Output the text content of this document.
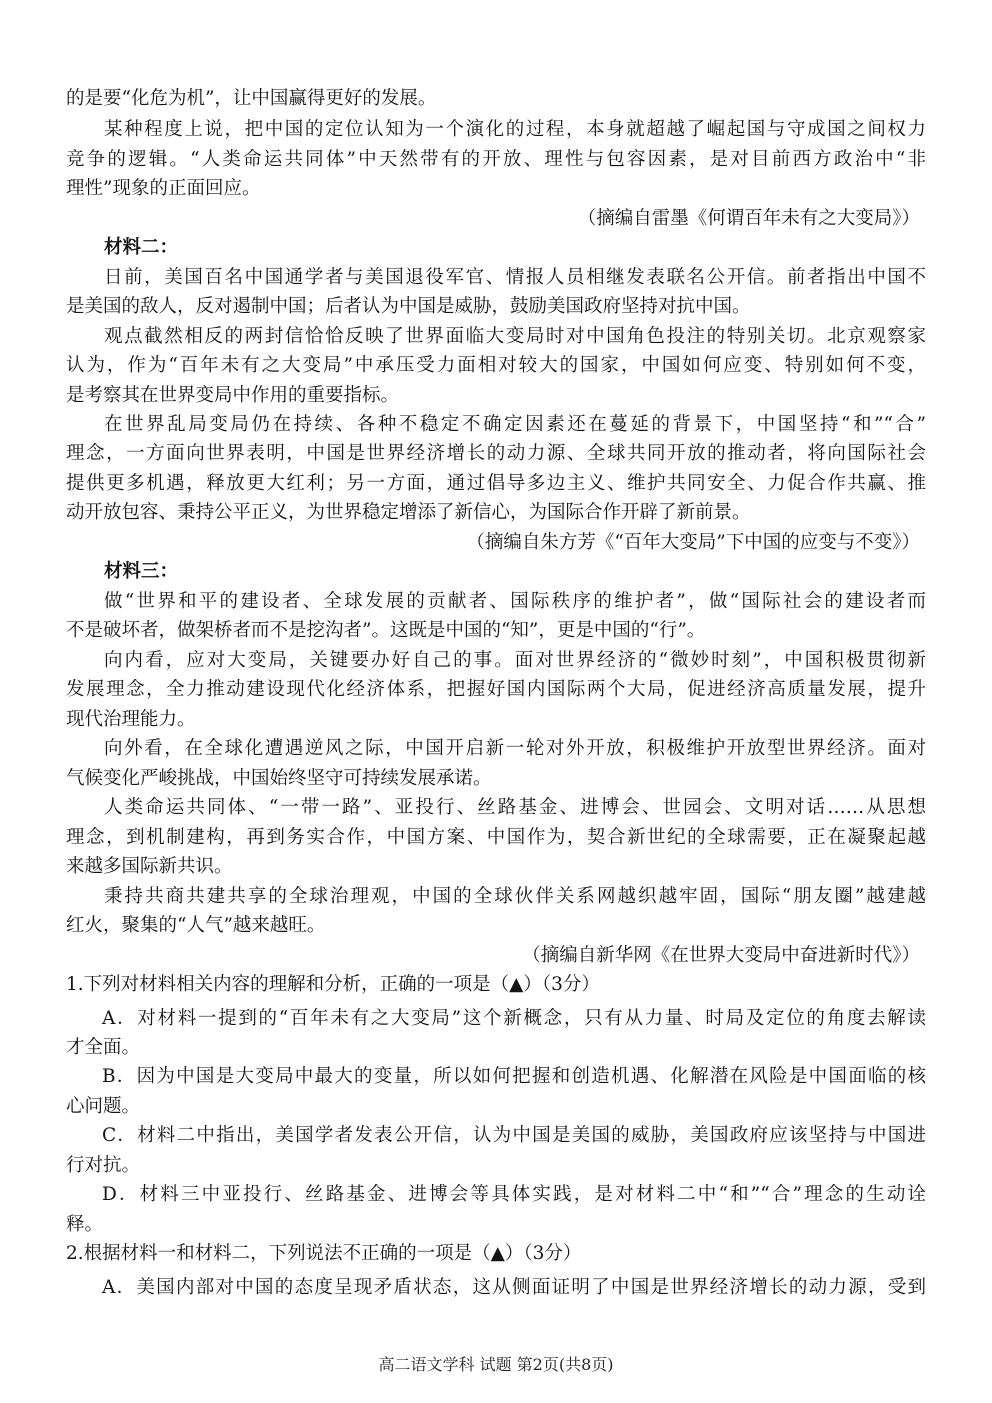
的是要“化危为机”，让中国赢得更好的发展。
某种程度上说，把中国的定位认知为一个演化的过程，本身就超越了崛起国与守成国之间权力
竞争的逻辑。“人类命运共同体”中天然带有的开放、理性与包容因素，是对目前西方政治中“非
理性”现象的正面回应。
（摘编自雷墨《何谓百年未有之大变局》）
材料二：
日前，美国百名中国通学者与美国退役军官、情报人员相继发表联名公开信。前者指出中国不
是美国的敌人，反对遏制中国；后者认为中国是威胁，鼓励美国政府坚持对抗中国。
观点截然相反的两封信恰恰反映了世界面临大变局时对中国角色投注的特别关切。北京观察家
认为，作为“百年未有之大变局”中承压受力面相对较大的国家，中国如何应变、特别如何不变，
是考察其在世界变局中作用的重要指标。
在世界乱局变局仍在持续、各种不稳定不确定因素还在蔓延的背景下，中国坚持“和”“合”
理念，一方面向世界表明，中国是世界经济增长的动力源、全球共同开放的推动者，将向国际社会
提供更多机遇，释放更大红利；另一方面，通过倡导多边主义、维护共同安全、力促合作共赢、推
动开放包容、秉持公平正义，为世界稳定增添了新信心，为国际合作开辟了新前景。
（摘编自朱方芳《“百年大变局”下中国的应变与不变》）
材料三：
做“世界和平的建设者、全球发展的贡献者、国际秩序的维护者”，做“国际社会的建设者而
不是破坏者，做架桥者而不是挖沟者”。这既是中国的“知”，更是中国的“行”。
向内看，应对大变局，关键要办好自己的事。面对世界经济的“微妙时刻”，中国积极贯彻新
发展理念，全力推动建设现代化经济体系，把握好国内国际两个大局，促进经济高质量发展，提升
现代治理能力。
向外看，在全球化遭遇逆风之际，中国开启新一轮对外开放，积极维护开放型世界经济。面对
气候变化严峻挑战，中国始终坚守可持续发展承诺。
人类命运共同体、“一带一路”、亚投行、丝路基金、进博会、世园会、文明对话……从思想
理念，到机制建构，再到务实合作，中国方案、中国作为，契合新世纪的全球需要，正在凝聚起越
来越多国际新共识。
秉持共商共建共享的全球治理观，中国的全球伙伴关系网越织越牢固，国际“朋友圈”越建越
红火，聚集的“人气”越来越旺。
（摘编自新华网《在世界大变局中奋进新时代》）
1.下列对材料相关内容的理解和分析，正确的一项是（▲）（3分）
A．对材料一提到的“百年未有之大变局”这个新概念，只有从力量、时局及定位的角度去解读
才全面。
B．因为中国是大变局中最大的变量，所以如何把握和创造机遇、化解潜在风险是中国面临的核
心问题。
C．材料二中指出，美国学者发表公开信，认为中国是美国的威胁，美国政府应该坚持与中国进
行对抗。
D．材料三中亚投行、丝路基金、进博会等具体实践，是对材料二中“和”“合”理念的生动诠
释。
2.根据材料一和材料二，下列说法不正确的一项是（▲）（3分）
A．美国内部对中国的态度呈现矛盾状态，这从侧面证明了中国是世界经济增长的动力源，受到
高二语文学科 试题 第2页(共8页)
